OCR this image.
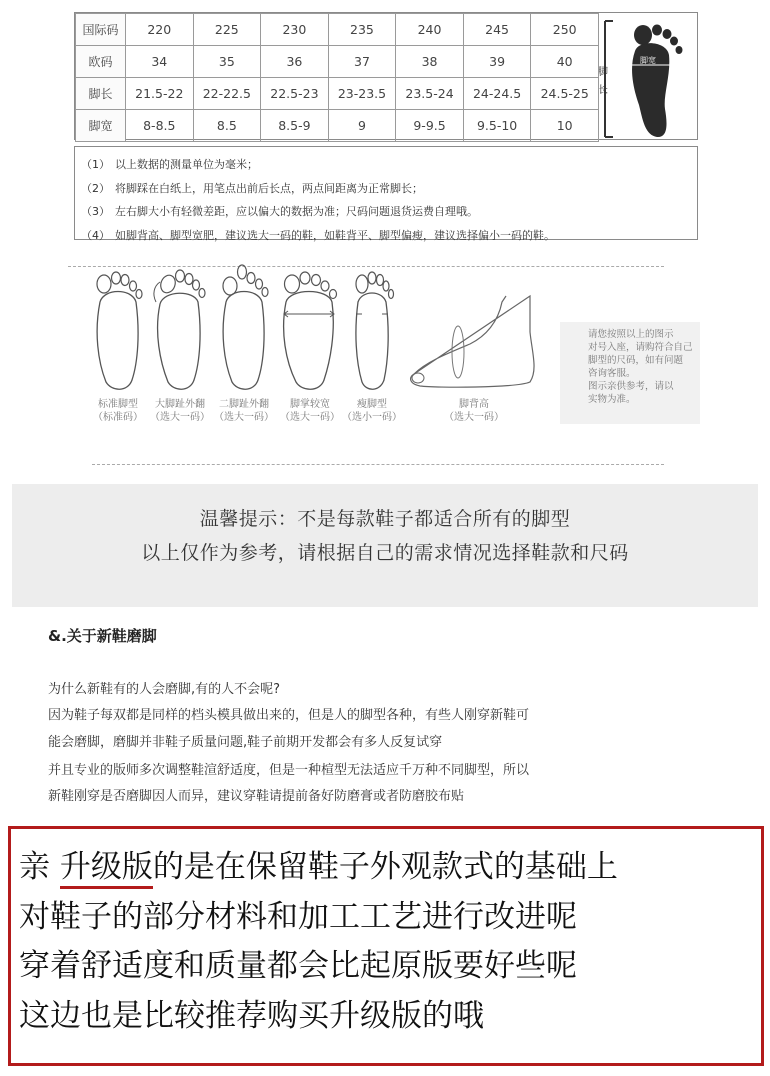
国际码	220	225	230	235	240	245	250
欧码	34	35	36	37	38	39	40
脚长	21.5-22	22-22.5	22.5-23	23-23.5	23.5-24	24-24.5	24.5-25
脚宽	8-8.5	8.5	8.5-9	9	9-9.5	9.5-10	10
脚
长
脚宽
（1） 以上数据的测量单位为毫米；
（2） 将脚踩在白纸上，用笔点出前后长点，两点间距离为正常脚长；
（3） 左右脚大小有轻微差距，应以偏大的数据为准；尺码问题退货运费自理哦。
（4） 如脚背高、脚型宽肥，建议选大一码的鞋，如鞋背平、脚型偏瘦，建议选择偏小一码的鞋。
标准脚型
（标准码）
大脚趾外翻
（选大一码）
二脚趾外翻
（选大一码）
脚掌较宽
（选大一码）
瘦脚型
（选小一码）
脚背高
（选大一码）
请您按照以上的图示
对号入座，请购符合自己
脚型的尺码，如有问题
咨询客服。
图示亲供参考，请以
实物为准。
温馨提示：不是每款鞋子都适合所有的脚型
以上仅作为参考，请根据自己的需求情况选择鞋款和尺码
&.关于新鞋磨脚
为什么新鞋有的人会磨脚,有的人不会呢?
因为鞋子每双都是同样的档头模具做出来的，但是人的脚型各种，有些人刚穿新鞋可
能会磨脚，磨脚并非鞋子质量问题,鞋子前期开发都会有多人反复试穿
并且专业的版师多次调整鞋渲舒适度，但是一种楦型无法适应千万种不同脚型，所以
新鞋刚穿是否磨脚因人而异，建议穿鞋请提前备好防磨膏或者防磨胶布贴
亲 升级版的是在保留鞋子外观款式的基础上
对鞋子的部分材料和加工工艺进行改进呢
穿着舒适度和质量都会比起原版要好些呢
这边也是比较推荐购买升级版的哦
